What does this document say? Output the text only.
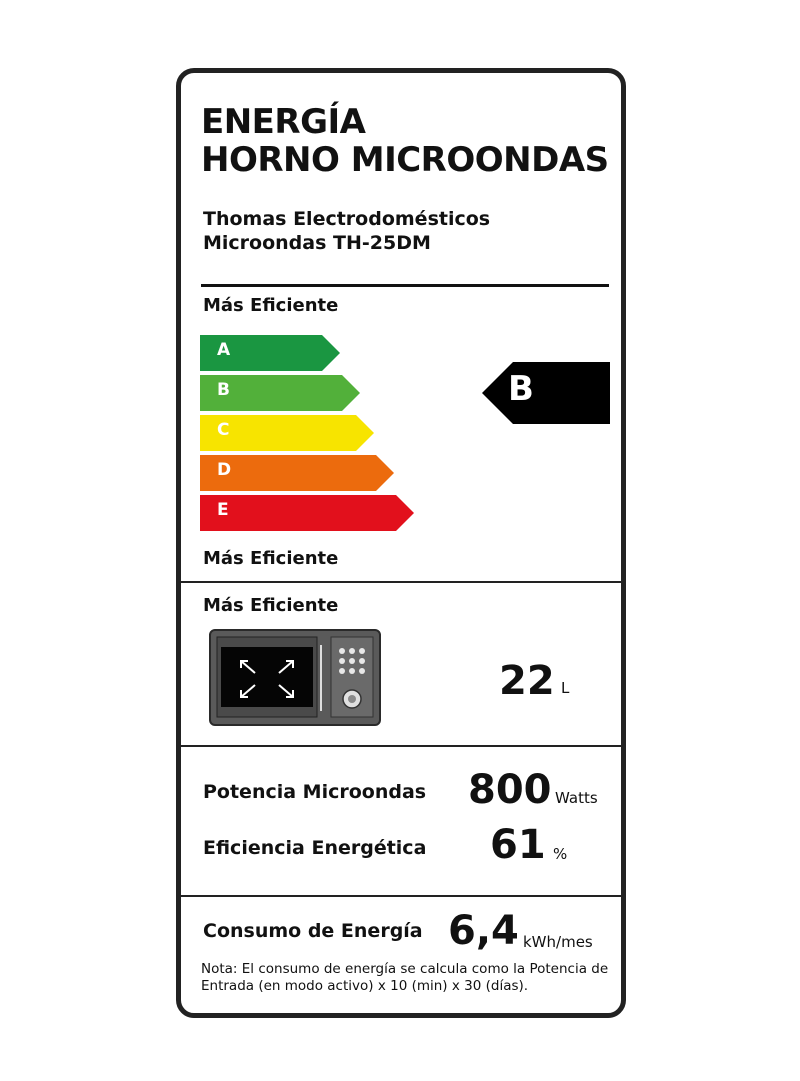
ENERGÍA
HORNO MICROONDAS
Thomas Electrodomésticos
Microondas TH-25DM
Más Eficiente
A
B
C
D
E
B
Más Eficiente
Más Eficiente
22 L
Potencia Microondas 800 Watts
Eficiencia Energética 61 %
Consumo de Energía 6,4 kWh/mes
Nota: El consumo de energía se calcula como la Potencia de Entrada (en modo activo) x 10 (min) x 30 (días).
